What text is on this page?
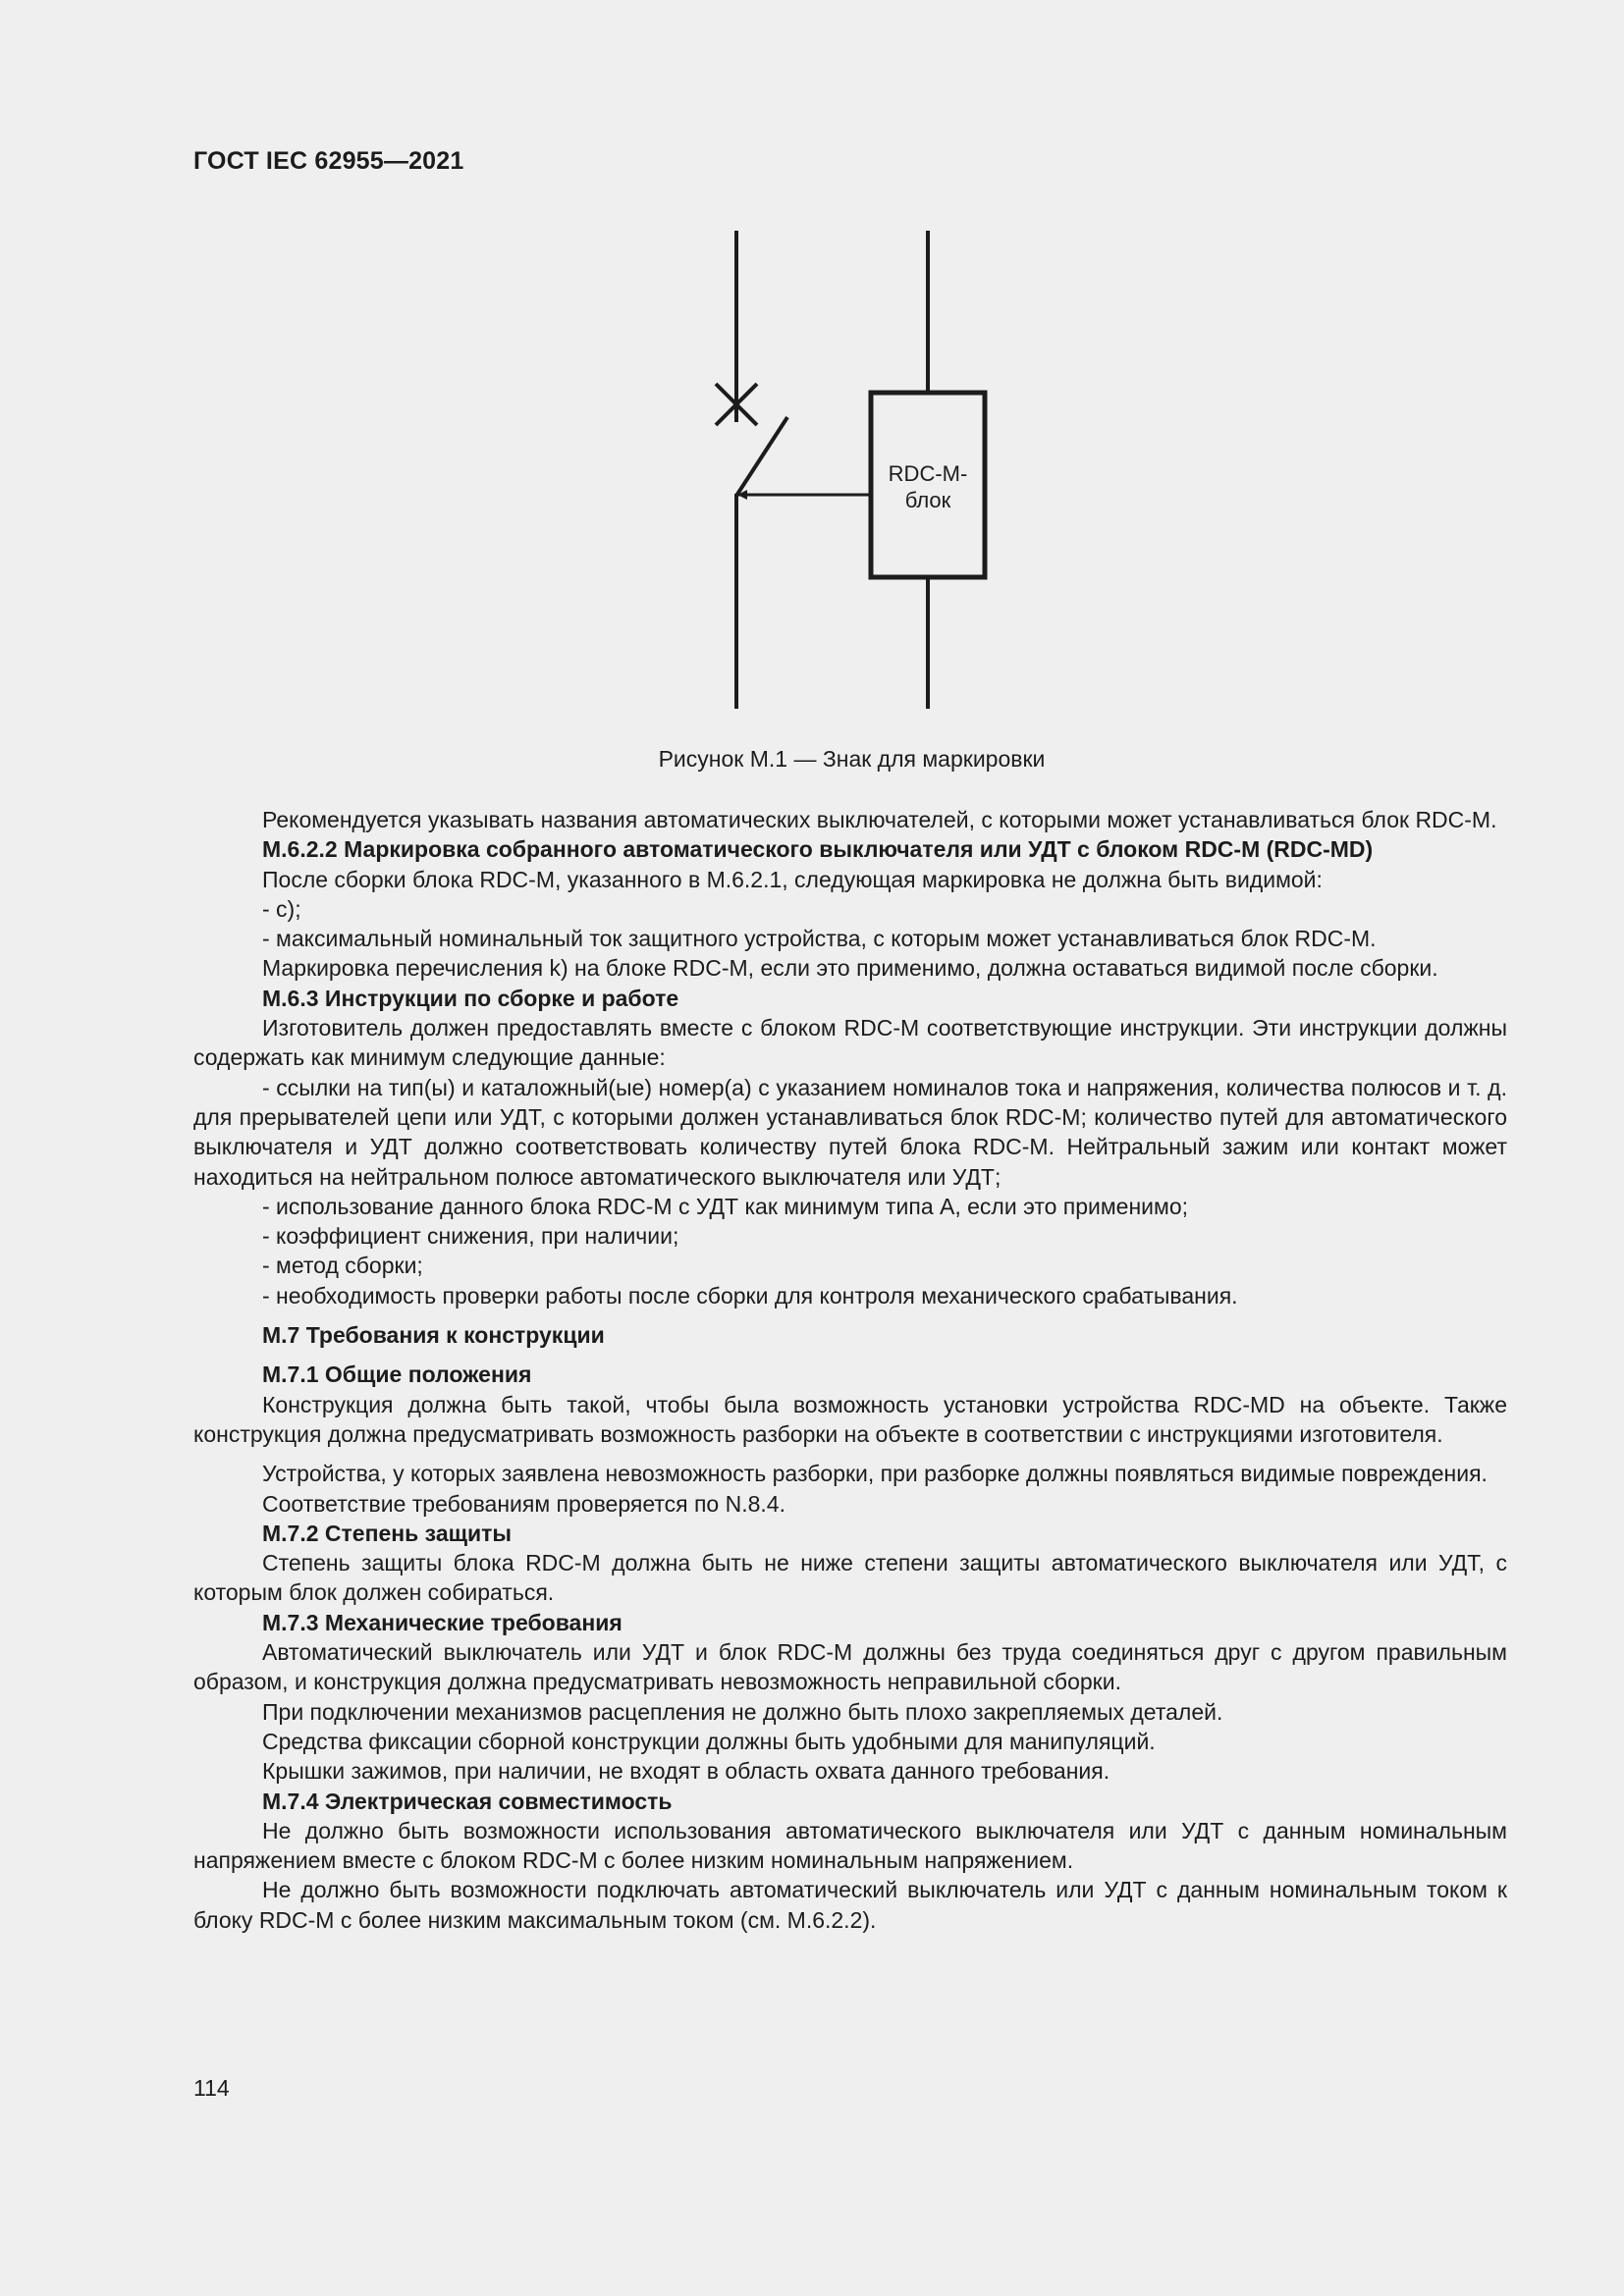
ГОСТ IEC 62955—2021
RDC-M-
блок
Рисунок M.1 — Знак для маркировки

Рекомендуется указывать названия автоматических выключателей, с которыми может устанавливаться блок RDC-M.

M.6.2.2 Маркировка собранного автоматического выключателя или УДТ с блоком RDC-M (RDC-MD)

После сборки блока RDC-M, указанного в M.6.2.1, следующая маркировка не должна быть видимой:

- c);

- максимальный номинальный ток защитного устройства, с которым может устанавливаться блок RDC-M.

Маркировка перечисления k) на блоке RDC-M, если это применимо, должна оставаться видимой после сборки.

M.6.3 Инструкции по сборке и работе

Изготовитель должен предоставлять вместе с блоком RDC-M соответствующие инструкции. Эти инструкции должны содержать как минимум следующие данные:

- ссылки на тип(ы) и каталожный(ые) номер(а) с указанием номиналов тока и напряжения, количества полюсов и т. д. для прерывателей цепи или УДТ, с которыми должен устанавливаться блок RDC-M; количество путей для автоматического выключателя и УДТ должно соответствовать количеству путей блока RDC-M. Нейтральный зажим или контакт может находиться на нейтральном полюсе автоматического выключателя или УДТ;

- использование данного блока RDC-M с УДТ как минимум типа A, если это применимо;

- коэффициент снижения, при наличии;

- метод сборки;

- необходимость проверки работы после сборки для контроля механического срабатывания.

M.7 Требования к конструкции

M.7.1 Общие положения

Конструкция должна быть такой, чтобы была возможность установки устройства RDC-MD на объекте. Также конструкция должна предусматривать возможность разборки на объекте в соответствии с инструкциями изготовителя.

Устройства, у которых заявлена невозможность разборки, при разборке должны появляться видимые повреждения.

Соответствие требованиям проверяется по N.8.4.

M.7.2 Степень защиты

Степень защиты блока RDC-M должна быть не ниже степени защиты автоматического выключателя или УДТ, с которым блок должен собираться.

M.7.3 Механические требования

Автоматический выключатель или УДТ и блок RDC-M должны без труда соединяться друг с другом правильным образом, и конструкция должна предусматривать невозможность неправильной сборки.

При подключении механизмов расцепления не должно быть плохо закрепляемых деталей.

Средства фиксации сборной конструкции должны быть удобными для манипуляций.

Крышки зажимов, при наличии, не входят в область охвата данного требования.

M.7.4 Электрическая совместимость

Не должно быть возможности использования автоматического выключателя или УДТ с данным номинальным напряжением вместе с блоком RDC-M с более низким номинальным напряжением.

Не должно быть возможности подключать автоматический выключатель или УДТ с данным номинальным током к блоку RDC-M с более низким максимальным током (см. M.6.2.2).

114
